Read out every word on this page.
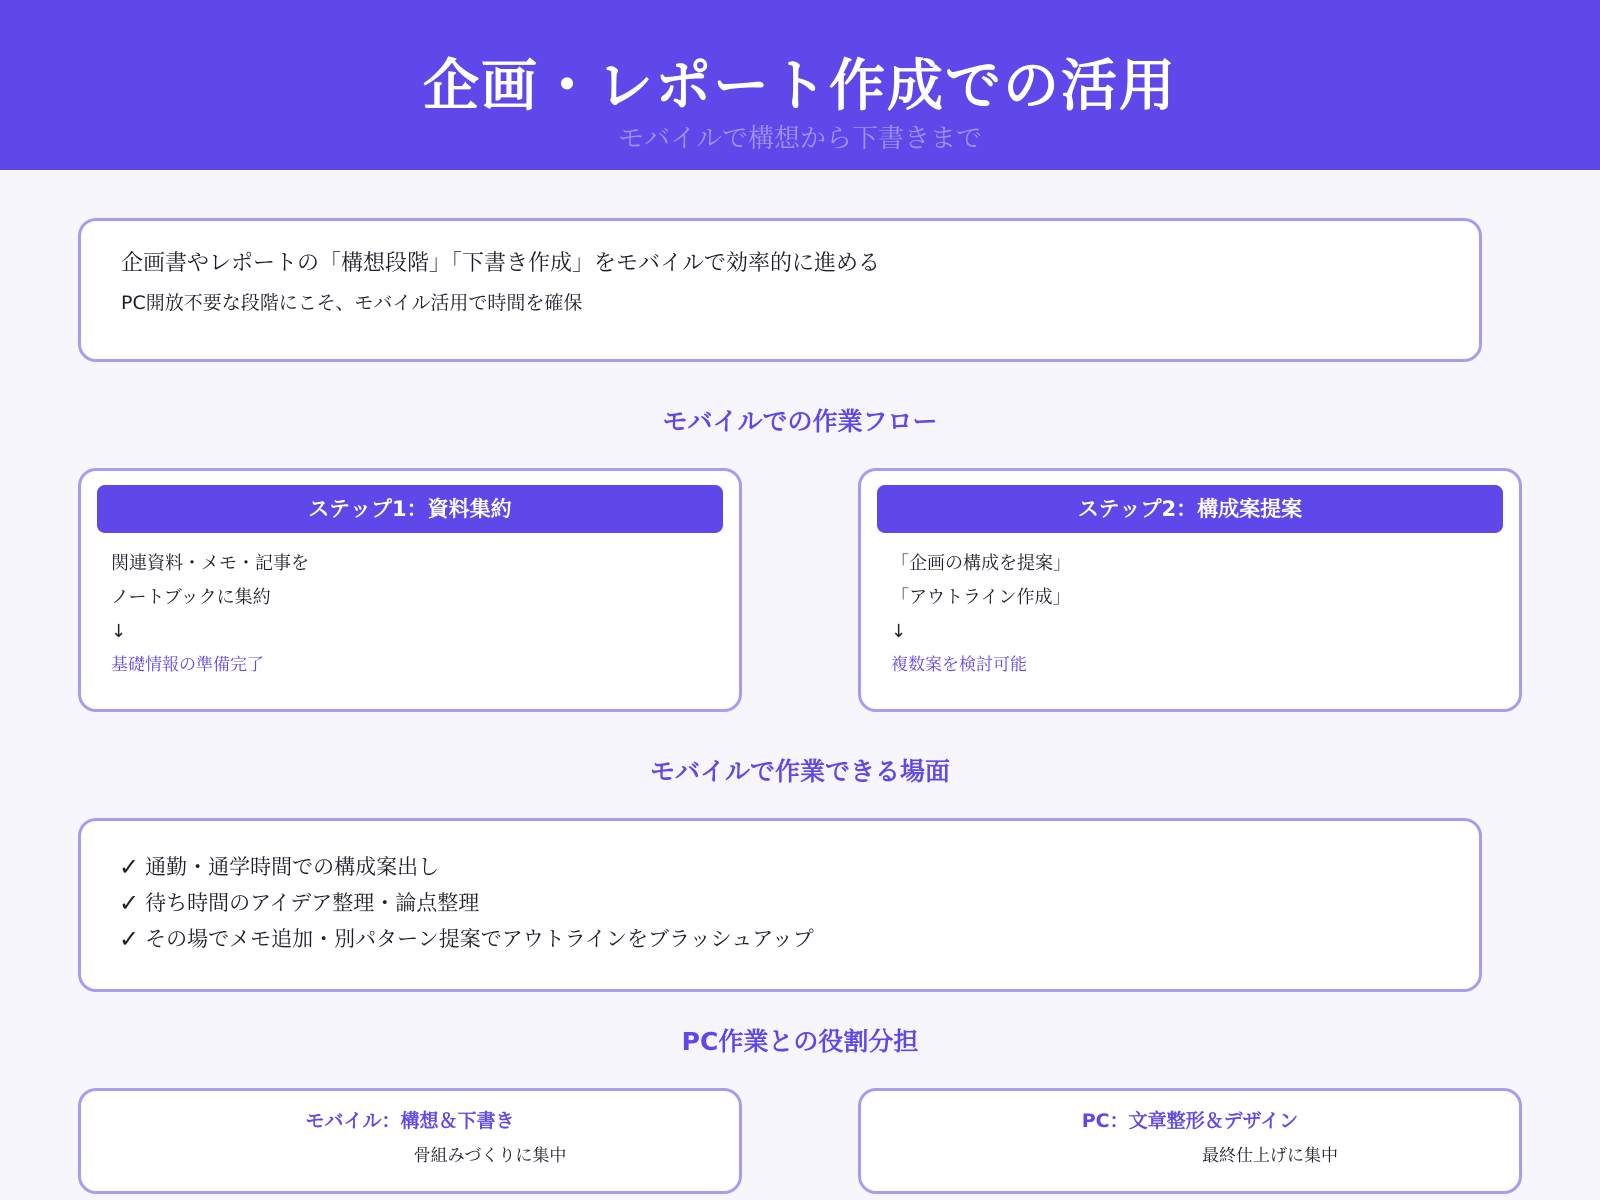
企画・レポート作成での活用
モバイルで構想から下書きまで
企画書やレポートの「構想段階」「下書き作成」をモバイルで効率的に進める
PC開放不要な段階にこそ、モバイル活用で時間を確保
モバイルでの作業フロー
ステップ1：資料集約
関連資料・メモ・記事を
ノートブックに集約
↓
基礎情報の準備完了
ステップ2：構成案提案
「企画の構成を提案」
「アウトライン作成」
↓
複数案を検討可能
モバイルで作業できる場面
✓ 通勤・通学時間での構成案出し
✓ 待ち時間のアイデア整理・論点整理
✓ その場でメモ追加・別パターン提案でアウトラインをブラッシュアップ
PC作業との役割分担
モバイル：構想＆下書き
骨組みづくりに集中
PC：文章整形＆デザイン
最終仕上げに集中
